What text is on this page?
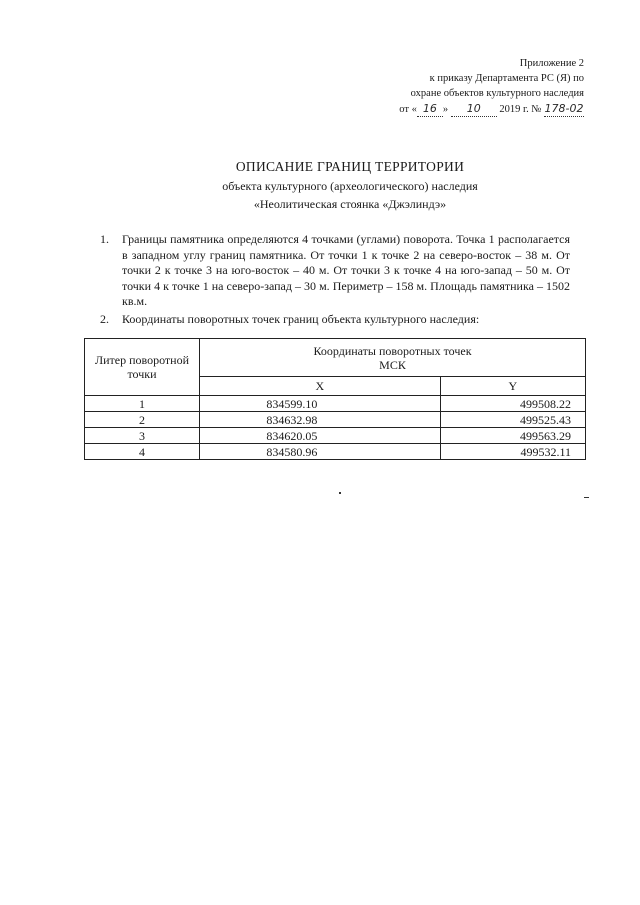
Приложение 2
к приказу Департамента РС (Я) по
охране объектов культурного наследия
от « 16 » 10 2019 г. № 178-02
ОПИСАНИЕ ГРАНИЦ ТЕРРИТОРИИ
объекта культурного (археологического) наследия
«Неолитическая стоянка «Джэлиндэ»
1. Границы памятника определяются 4 точками (углами) поворота. Точка 1 располагается в западном углу границ памятника. От точки 1 к точке 2 на северо-восток – 38 м. От точки 2 к точке 3 на юго-восток – 40 м. От точки 3 к точке 4 на юго-запад – 50 м. От точки 4 к точке 1 на северо-запад – 30 м. Периметр – 158 м. Площадь памятника – 1502 кв.м.
2. Координаты поворотных точек границ объекта культурного наследия:
Литер поворотной точки	Координаты поворотных точек
МСК	
	X	Y
1	834599.10	499508.22
2	834632.98	499525.43
3	834620.05	499563.29
4	834580.96	499532.11
